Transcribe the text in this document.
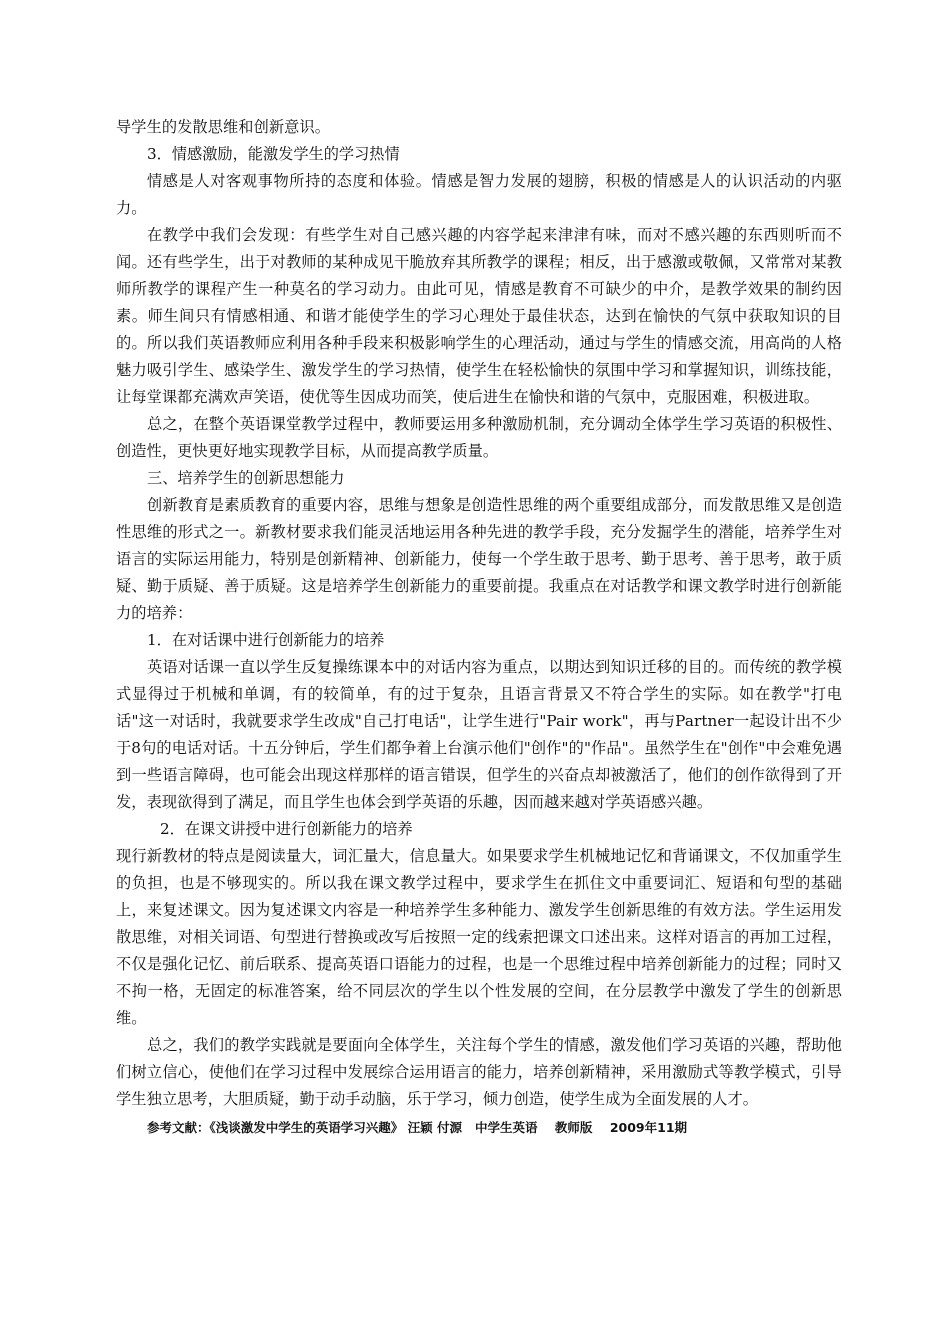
导学生的发散思维和创新意识。

3．情感激励，能激发学生的学习热情

情感是人对客观事物所持的态度和体验。情感是智力发展的翅膀，积极的情感是人的认识活动的内驱力。

在教学中我们会发现：有些学生对自己感兴趣的内容学起来津津有味，而对不感兴趣的东西则听而不闻。还有些学生，出于对教师的某种成见干脆放弃其所教学的课程；相反，出于感激或敬佩，又常常对某教师所教学的课程产生一种莫名的学习动力。由此可见，情感是教育不可缺少的中介，是教学效果的制约因素。师生间只有情感相通、和谐才能使学生的学习心理处于最佳状态，达到在愉快的气氛中获取知识的目的。所以我们英语教师应利用各种手段来积极影响学生的心理活动，通过与学生的情感交流，用高尚的人格魅力吸引学生、感染学生、激发学生的学习热情，使学生在轻松愉快的氛围中学习和掌握知识，训练技能，让每堂课都充满欢声笑语，使优等生因成功而笑，使后进生在愉快和谐的气氛中，克服困难，积极进取。

总之，在整个英语课堂教学过程中，教师要运用多种激励机制，充分调动全体学生学习英语的积极性、创造性，更快更好地实现教学目标，从而提高教学质量。

三、培养学生的创新思想能力

创新教育是素质教育的重要内容，思维与想象是创造性思维的两个重要组成部分，而发散思维又是创造性思维的形式之一。新教材要求我们能灵活地运用各种先进的教学手段，充分发掘学生的潜能，培养学生对语言的实际运用能力，特别是创新精神、创新能力，使每一个学生敢于思考、勤于思考、善于思考，敢于质疑、勤于质疑、善于质疑。这是培养学生创新能力的重要前提。我重点在对话教学和课文教学时进行创新能力的培养：

1．在对话课中进行创新能力的培养

英语对话课一直以学生反复操练课本中的对话内容为重点，以期达到知识迁移的目的。而传统的教学模式显得过于机械和单调，有的较简单，有的过于复杂，且语言背景又不符合学生的实际。如在教学"打电话"这一对话时，我就要求学生改成"自己打电话"，让学生进行"Pair work"，再与Partner一起设计出不少于8句的电话对话。十五分钟后，学生们都争着上台演示他们"创作"的"作品"。虽然学生在"创作"中会难免遇到一些语言障碍，也可能会出现这样那样的语言错误，但学生的兴奋点却被激活了，他们的创作欲得到了开发，表现欲得到了满足，而且学生也体会到学英语的乐趣，因而越来越对学英语感兴趣。

2．在课文讲授中进行创新能力的培养

现行新教材的特点是阅读量大，词汇量大，信息量大。如果要求学生机械地记忆和背诵课文，不仅加重学生的负担，也是不够现实的。所以我在课文教学过程中，要求学生在抓住文中重要词汇、短语和句型的基础上，来复述课文。因为复述课文内容是一种培养学生多种能力、激发学生创新思维的有效方法。学生运用发散思维，对相关词语、句型进行替换或改写后按照一定的线索把课文口述出来。这样对语言的再加工过程，不仅是强化记忆、前后联系、提高英语口语能力的过程，也是一个思维过程中培养创新能力的过程；同时又不拘一格，无固定的标准答案，给不同层次的学生以个性发展的空间，在分层教学中激发了学生的创新思维。

总之，我们的教学实践就是要面向全体学生，关注每个学生的情感，激发他们学习英语的兴趣，帮助他们树立信心，使他们在学习过程中发展综合运用语言的能力，培养创新精神，采用激励式等教学模式，引导学生独立思考，大胆质疑，勤于动手动脑，乐于学习，倾力创造，使学生成为全面发展的人才。

参考文献：《浅谈激发中学生的英语学习兴趣》 汪颖 付源   中学生英语    教师版    2009年11期
